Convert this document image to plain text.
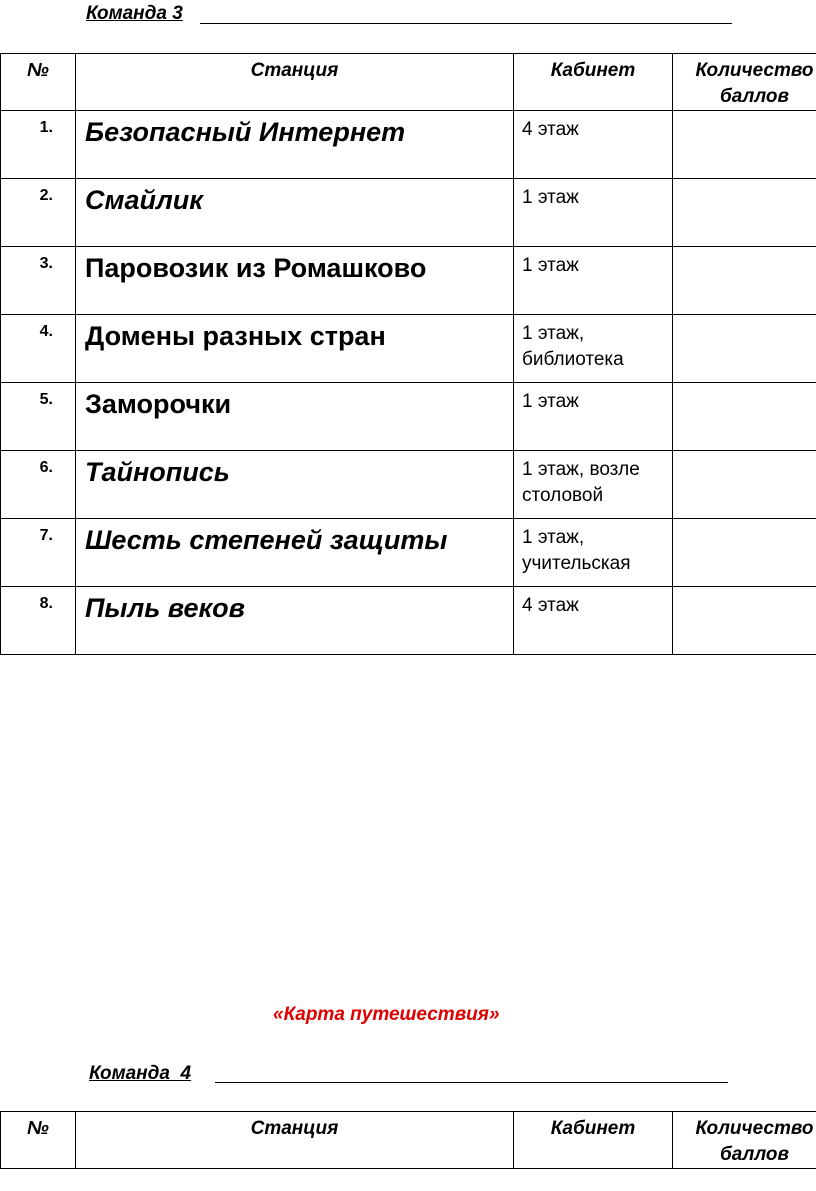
Команда 3
№	Станция	Кабинет	Количество баллов
1.	Безопасный Интернет	4 этаж	
2.	Смайлик	1 этаж	
3.	Паровозик из Ромашково	1 этаж	
4.	Домены разных стран	1 этаж, библиотека	
5.	Заморочки	1 этаж	
6.	Тайнопись	1 этаж, возле столовой	
7.	Шесть степеней защиты	1 этаж, учительская	
8.	Пыль веков	4 этаж	
«Карта путешествия»
Команда  4
№	Станция	Кабинет	Количество баллов
